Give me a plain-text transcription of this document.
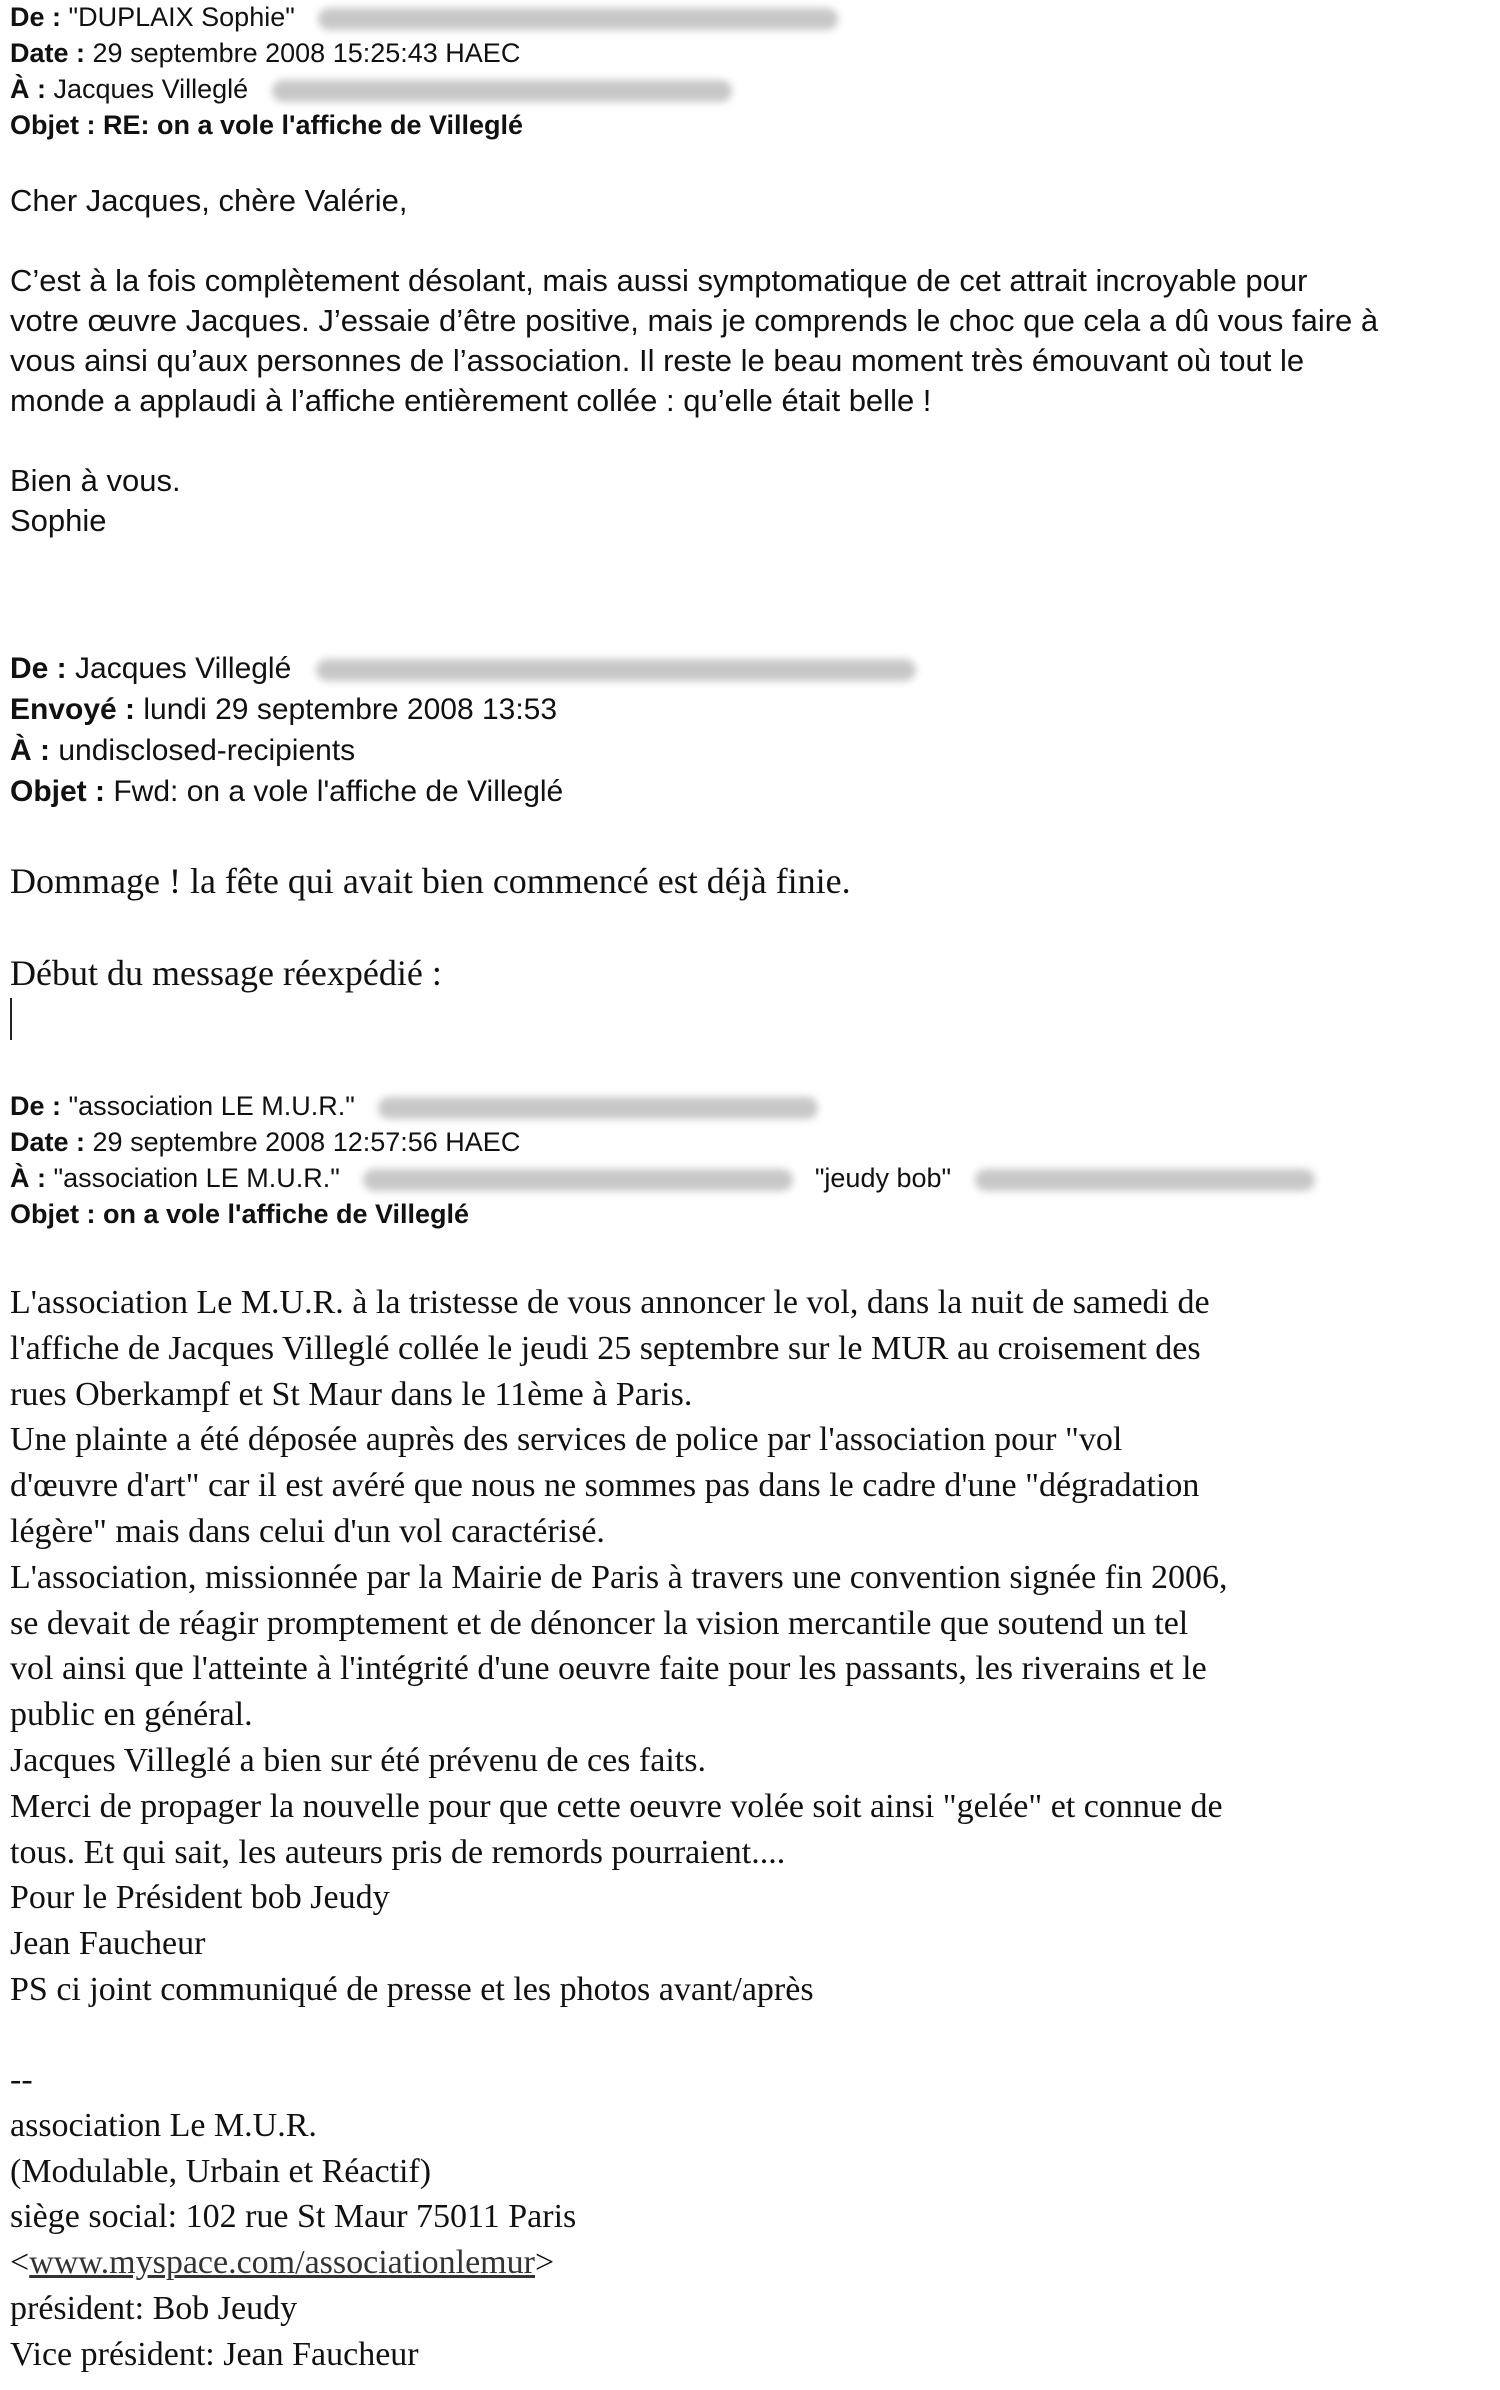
De : "DUPLAIX Sophie"
Date : 29 septembre 2008 15:25:43 HAEC
À : Jacques Villeglé
Objet : RE: on a vole l'affiche de Villeglé
Cher Jacques, chère Valérie,
C’est à la fois complètement désolant, mais aussi symptomatique de cet attrait incroyable pour
votre œuvre Jacques. J’essaie d’être positive, mais je comprends le choc que cela a dû vous faire à
vous ainsi qu’aux personnes de l’association. Il reste le beau moment très émouvant où tout le
monde a applaudi à l’affiche entièrement collée : qu’elle était belle !
Bien à vous.
Sophie
De : Jacques Villeglé
Envoyé : lundi 29 septembre 2008 13:53
À : undisclosed-recipients
Objet : Fwd: on a vole l'affiche de Villeglé
Dommage ! la fête qui avait bien commencé est déjà finie.
Début du message réexpédié :
De : "association LE M.U.R."
Date : 29 septembre 2008 12:57:56 HAEC
À : "association LE M.U.R."	"jeudy bob"
Objet : on a vole l'affiche de Villeglé
L'association Le M.U.R. à la tristesse de vous annoncer le vol, dans la nuit de samedi de
l'affiche de Jacques Villeglé collée le jeudi 25 septembre sur le MUR au croisement des
rues Oberkampf et St Maur dans le 11ème à Paris.
Une plainte a été déposée auprès des services de police par l'association pour "vol
d'œuvre d'art" car il est avéré que nous ne sommes pas dans le cadre d'une "dégradation
légère" mais dans celui d'un vol caractérisé.
L'association, missionnée par la Mairie de Paris à travers une convention signée fin 2006,
se devait de réagir promptement et de dénoncer la vision mercantile que soutend un tel
vol ainsi que l'atteinte à l'intégrité d'une oeuvre faite pour les passants, les riverains et le
public en général.
Jacques Villeglé a bien sur été prévenu de ces faits.
Merci de propager la nouvelle pour que cette oeuvre volée soit ainsi "gelée" et connue de
tous. Et qui sait, les auteurs pris de remords pourraient....
Pour le Président bob Jeudy
Jean Faucheur
PS ci joint communiqué de presse et les photos avant/après
--
association Le M.U.R.
(Modulable, Urbain et Réactif)
siège social: 102 rue St Maur 75011 Paris
<www.myspace.com/associationlemur>
président: Bob Jeudy
Vice président: Jean Faucheur
